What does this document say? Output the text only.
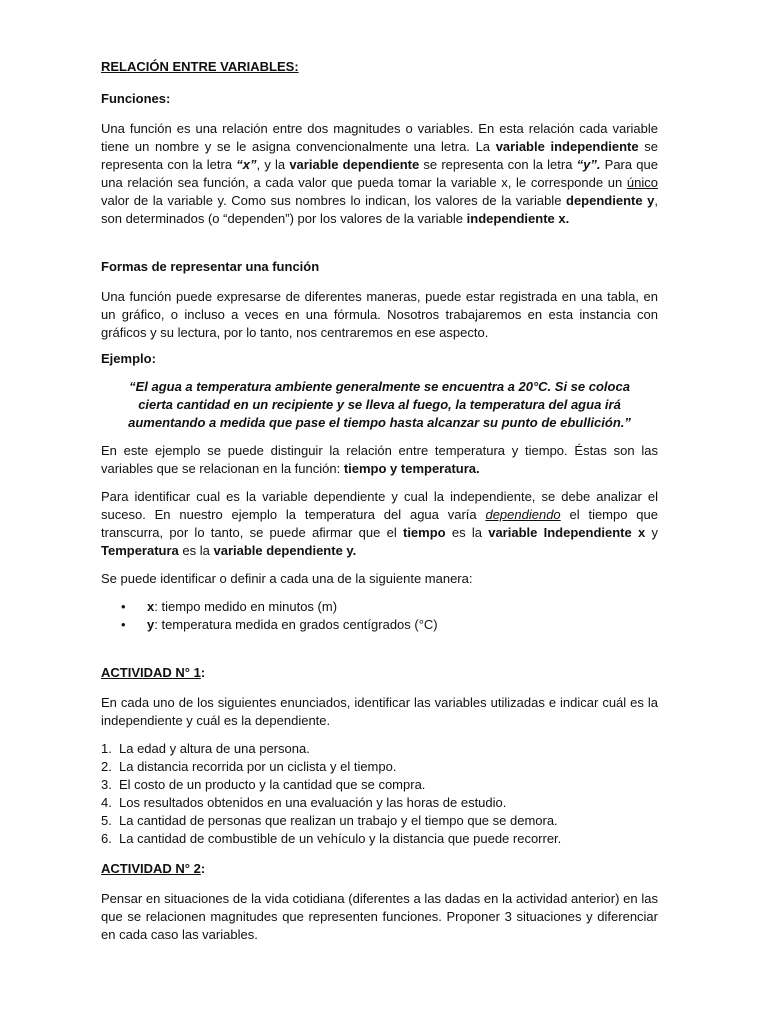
RELACIÓN ENTRE VARIABLES:

Funciones:

Una función es una relación entre dos magnitudes o variables. En esta relación cada variable tiene un nombre y se le asigna convencionalmente una letra. La variable independiente se representa con la letra “x”, y la variable dependiente se representa con la letra “y”. Para que una relación sea función, a cada valor que pueda tomar la variable x, le corresponde un único valor de la variable y. Como sus nombres lo indican, los valores de la variable dependiente y, son determinados (o “dependen”) por los valores de la variable independiente x.

Formas de representar una función

Una función puede expresarse de diferentes maneras, puede estar registrada en una tabla, en un gráfico, o incluso a veces en una fórmula. Nosotros trabajaremos en esta instancia con gráficos y su lectura, por lo tanto, nos centraremos en ese aspecto.

Ejemplo:

“El agua a temperatura ambiente generalmente se encuentra a 20°C. Si se coloca cierta cantidad en un recipiente y se lleva al fuego, la temperatura del agua irá aumentando a medida que pase el tiempo hasta alcanzar su punto de ebullición.”

En este ejemplo se puede distinguir la relación entre temperatura y tiempo. Éstas son las variables que se relacionan en la función: tiempo y temperatura.

Para identificar cual es la variable dependiente y cual la independiente, se debe analizar el suceso. En nuestro ejemplo la temperatura del agua varía dependiendo el tiempo que transcurra, por lo tanto, se puede afirmar que el tiempo es la variable Independiente x y Temperatura es la variable dependiente y.

Se puede identificar o definir a cada una de la siguiente manera:

• x: tiempo medido en minutos (m)
• y: temperatura medida en grados centígrados (°C)

ACTIVIDAD N° 1:

En cada uno de los siguientes enunciados, identificar las variables utilizadas e indicar cuál es la independiente y cuál es la dependiente.

1. La edad y altura de una persona.
2. La distancia recorrida por un ciclista y el tiempo.
3. El costo de un producto y la cantidad que se compra.
4. Los resultados obtenidos en una evaluación y las horas de estudio.
5. La cantidad de personas que realizan un trabajo y el tiempo que se demora.
6. La cantidad de combustible de un vehículo y la distancia que puede recorrer.

ACTIVIDAD N° 2:

Pensar en situaciones de la vida cotidiana (diferentes a las dadas en la actividad anterior) en las que se relacionen magnitudes que representen funciones. Proponer 3 situaciones y diferenciar en cada caso las variables.
